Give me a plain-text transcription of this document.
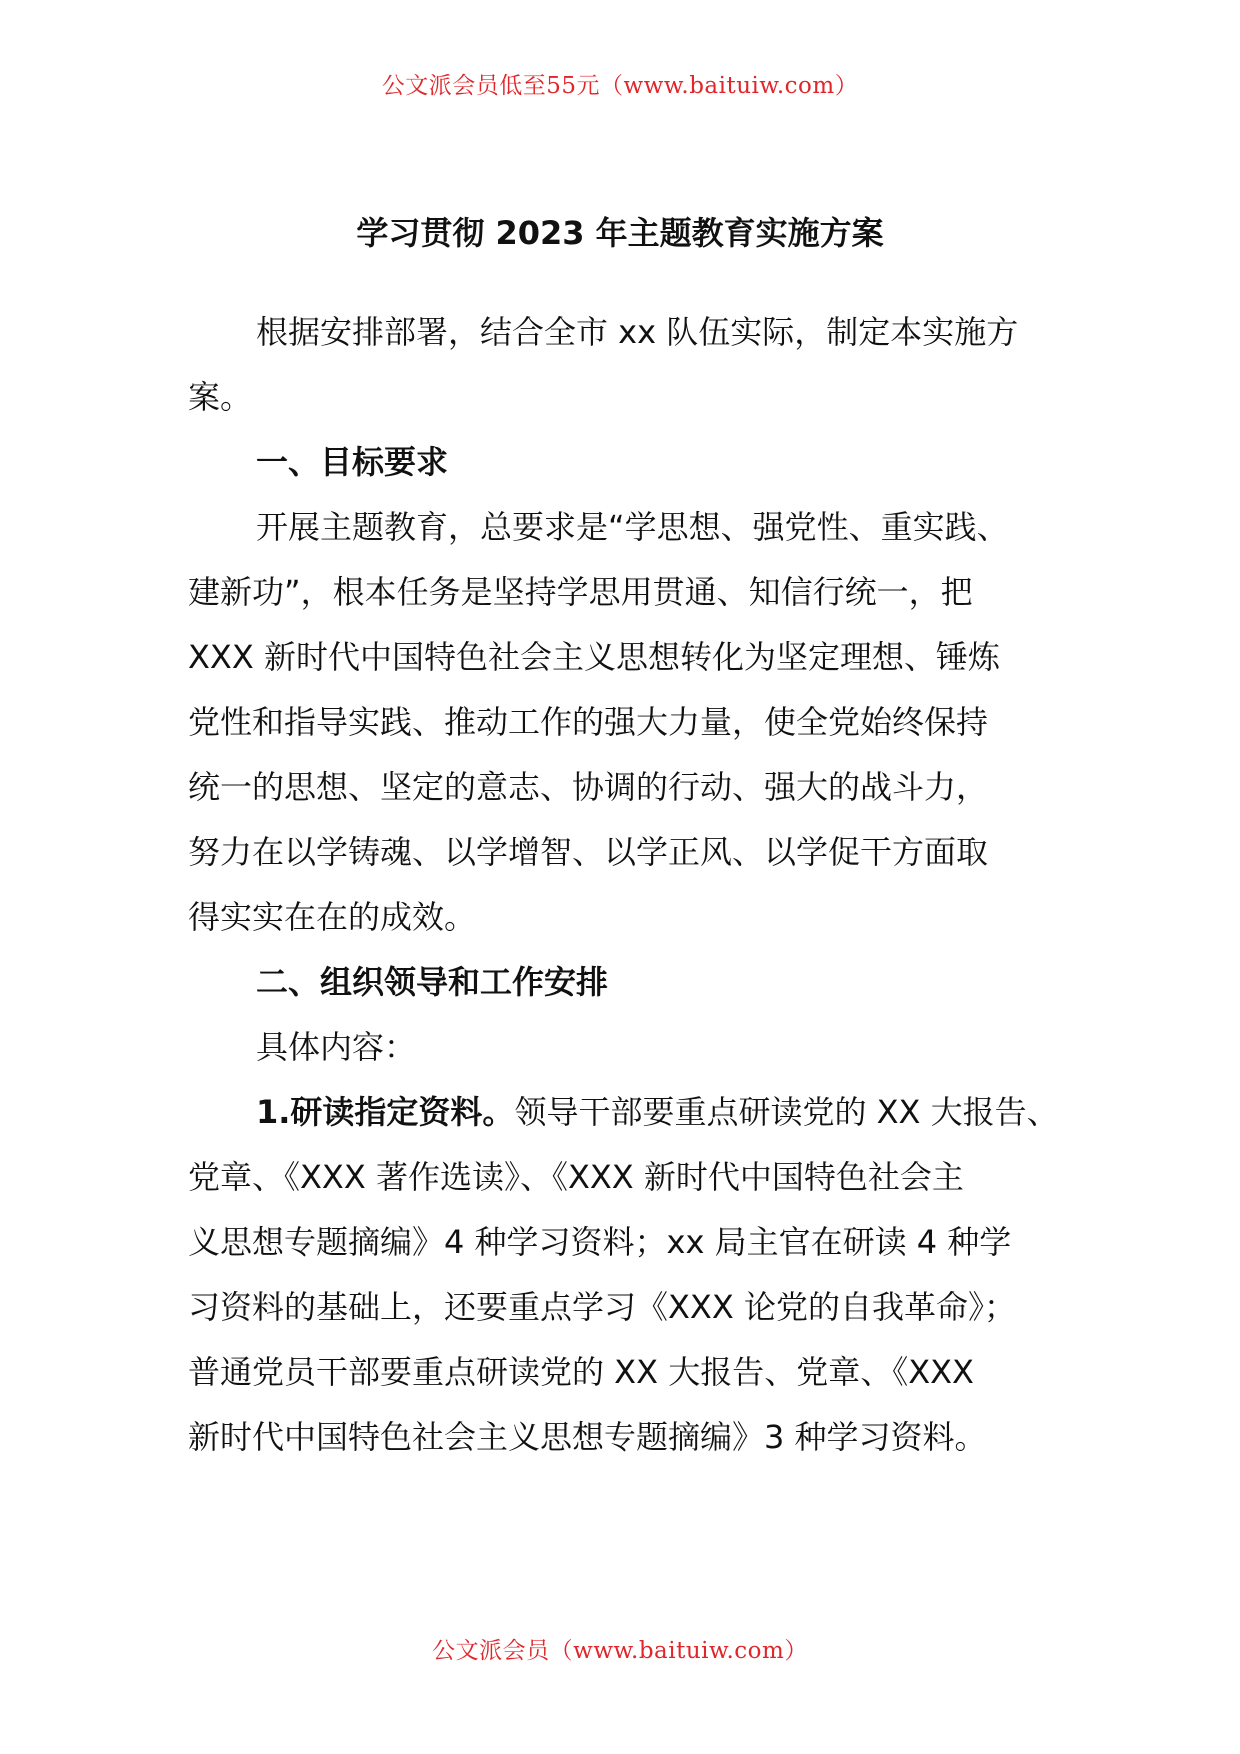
公文派会员低至55元（www.baituiw.com）
学习贯彻 2023 年主题教育实施方案
根据安排部署，结合全市 xx 队伍实际，制定本实施方
案。
一、目标要求
开展主题教育，总要求是“学思想、强党性、重实践、
建新功”，根本任务是坚持学思用贯通、知信行统一，把
XXX 新时代中国特色社会主义思想转化为坚定理想、锤炼
党性和指导实践、推动工作的强大力量，使全党始终保持
统一的思想、坚定的意志、协调的行动、强大的战斗力，
努力在以学铸魂、以学增智、以学正风、以学促干方面取
得实实在在的成效。
二、组织领导和工作安排
具体内容：
1.研读指定资料。领导干部要重点研读党的 XX 大报告、
党章、《XXX 著作选读》、《XXX 新时代中国特色社会主
义思想专题摘编》4 种学习资料；xx 局主官在研读 4 种学
习资料的基础上，还要重点学习《XXX 论党的自我革命》；
普通党员干部要重点研读党的 XX 大报告、党章、《XXX
新时代中国特色社会主义思想专题摘编》3 种学习资料。
公文派会员（www.baituiw.com）
